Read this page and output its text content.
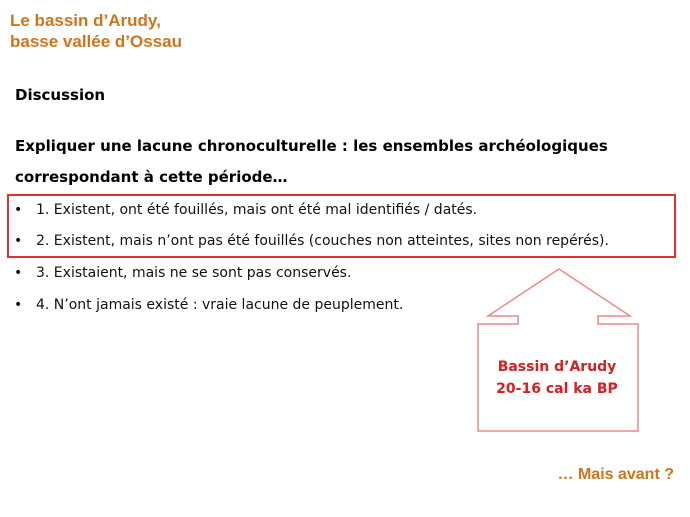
Le bassin d’Arudy,
basse vallée d’Ossau
Discussion
Expliquer une lacune chronoculturelle : les ensembles archéologiques
correspondant à cette période…
• 1. Existent, ont été fouillés, mais ont été mal identifiés / datés.
• 2. Existent, mais n’ont pas été fouillés (couches non atteintes, sites non repérés).
• 3. Existaient, mais ne se sont pas conservés.
• 4. N’ont jamais existé : vraie lacune de peuplement.
Bassin d’Arudy
20-16 cal ka BP
… Mais avant ?
